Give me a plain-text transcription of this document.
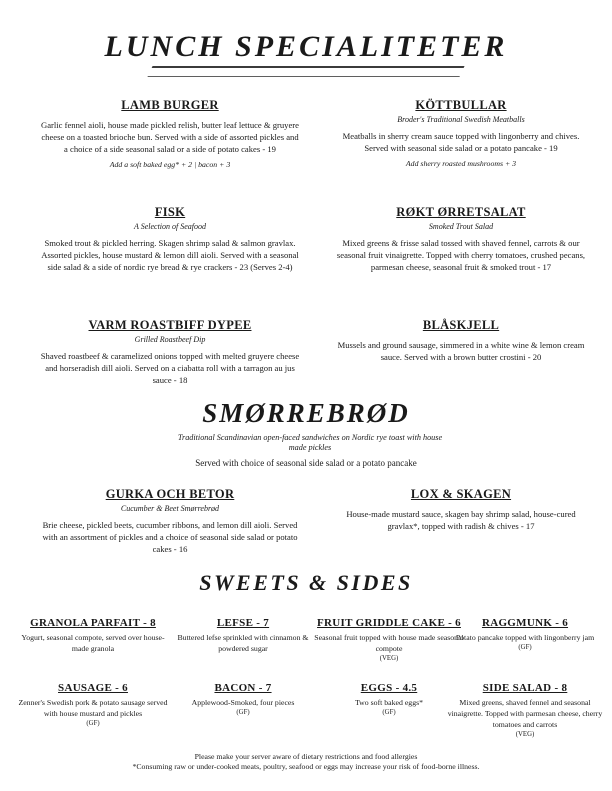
LUNCH SPECIALITETER
LAMB BURGER
Garlic fennel aioli, house made pickled relish, butter leaf lettuce & gruyere cheese on a toasted brioche bun. Served with a side of assorted pickles and a choice of a side seasonal salad or a side of potato cakes - 19
Add a soft baked egg* + 2 | bacon + 3
KÖTTBULLAR
Broder's Traditional Swedish Meatballs
Meatballs in sherry cream sauce topped with lingonberry and chives. Served with seasonal side salad or a potato pancake - 19
Add sherry roasted mushrooms + 3
FISK
A Selection of Seafood
Smoked trout & pickled herring. Skagen shrimp salad & salmon gravlax. Assorted pickles, house mustard & lemon dill aioli. Served with a seasonal side salad & a side of nordic rye bread & rye crackers - 23 (Serves 2-4)
RØKT ØRRETSALAT
Smoked Trout Salad
Mixed greens & frisse salad tossed with shaved fennel, carrots & our seasonal fruit vinaigrette. Topped with cherry tomatoes, crushed pecans, parmesan cheese, seasonal fruit & smoked trout - 17
VARM ROASTBIFF DYPEE
Grilled Roastbeef Dip
Shaved roastbeef & caramelized onions topped with melted gruyere cheese and horseradish dill aioli. Served on a ciabatta roll with a tarragon au jus sauce - 18
BLÅSKJELL
Mussels and ground sausage, simmered in a white wine & lemon cream sauce. Served with a brown butter crostini - 20
SMØRREBRØD
Traditional Scandinavian open-faced sandwiches on Nordic rye toast with house made pickles
Served with choice of seasonal side salad or a potato pancake
GURKA OCH BETOR
Cucumber & Beet Smørrebrød
Brie cheese, pickled beets, cucumber ribbons, and lemon dill aioli. Served with an assortment of pickles and a choice of seasonal side salad or potato cakes - 16
LOX & SKAGEN
House-made mustard sauce, skagen bay shrimp salad, house-cured gravlax*, topped with radish & chives - 17
SWEETS & SIDES
GRANOLA PARFAIT - 8
Yogurt, seasonal compote, served over house-made granola
LEFSE - 7
Buttered lefse sprinkled with cinnamon & powdered sugar
FRUIT GRIDDLE CAKE - 6
Seasonal fruit topped with house made seasonal compote
(VEG)
RAGGMUNK - 6
Potato pancake topped with lingonberry jam
(GF)
SAUSAGE - 6
Zenner's Swedish pork & potato sausage served with house mustard and pickles
(GF)
BACON - 7
Applewood-Smoked, four pieces
(GF)
EGGS - 4.5
Two soft baked eggs*
(GF)
SIDE SALAD - 8
Mixed greens, shaved fennel and seasonal vinaigrette. Topped with parmesan cheese, cherry tomatoes and carrots
(VEG)
Please make your server aware of dietary restrictions and food allergies
*Consuming raw or under-cooked meats, poultry, seafood or eggs may increase your risk of food-borne illness.
